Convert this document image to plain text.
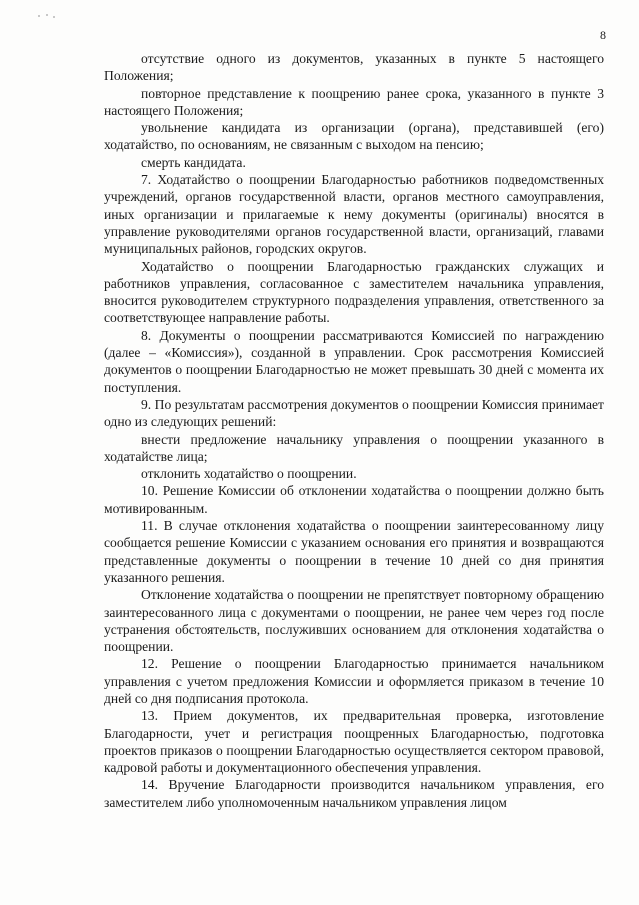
8

отсутствие одного из документов, указанных в пункте 5 настоящего Положения;

повторное представление к поощрению ранее срока, указанного в пункте 3 настоящего Положения;

увольнение кандидата из организации (органа), представившей (его) ходатайство, по основаниям, не связанным с выходом на пенсию;

смерть кандидата.

7. Ходатайство о поощрении Благодарностью работников подведомственных учреждений, органов государственной власти, органов местного самоуправления, иных организации и прилагаемые к нему документы (оригиналы) вносятся в управление руководителями органов государственной власти, организаций, главами муниципальных районов, городских округов.

Ходатайство о поощрении Благодарностью гражданских служащих и работников управления, согласованное с заместителем начальника управления, вносится руководителем структурного подразделения управления, ответственного за соответствующее направление работы.

8. Документы о поощрении рассматриваются Комиссией по награждению (далее – «Комиссия»), созданной в управлении. Срок рассмотрения Комиссией документов о поощрении Благодарностью не может превышать 30 дней с момента их поступления.

9. По результатам рассмотрения документов о поощрении Комиссия принимает одно из следующих решений:

внести предложение начальнику управления о поощрении указанного в ходатайстве лица;

отклонить ходатайство о поощрении.

10. Решение Комиссии об отклонении ходатайства о поощрении должно быть мотивированным.

11. В случае отклонения ходатайства о поощрении заинтересованному лицу сообщается решение Комиссии с указанием основания его принятия и возвращаются представленные документы о поощрении в течение 10 дней со дня принятия указанного решения.

Отклонение ходатайства о поощрении не препятствует повторному обращению заинтересованного лица с документами о поощрении, не ранее чем через год после устранения обстоятельств, послуживших основанием для отклонения ходатайства о поощрении.

12. Решение о поощрении Благодарностью принимается начальником управления с учетом предложения Комиссии и оформляется приказом в течение 10 дней со дня подписания протокола.

13. Прием документов, их предварительная проверка, изготовление Благодарности, учет и регистрация поощренных Благодарностью, подготовка проектов приказов о поощрении Благодарностью осуществляется сектором правовой, кадровой работы и документационного обеспечения управления.

14. Вручение Благодарности производится начальником управления, его заместителем либо уполномоченным начальником управления лицом
